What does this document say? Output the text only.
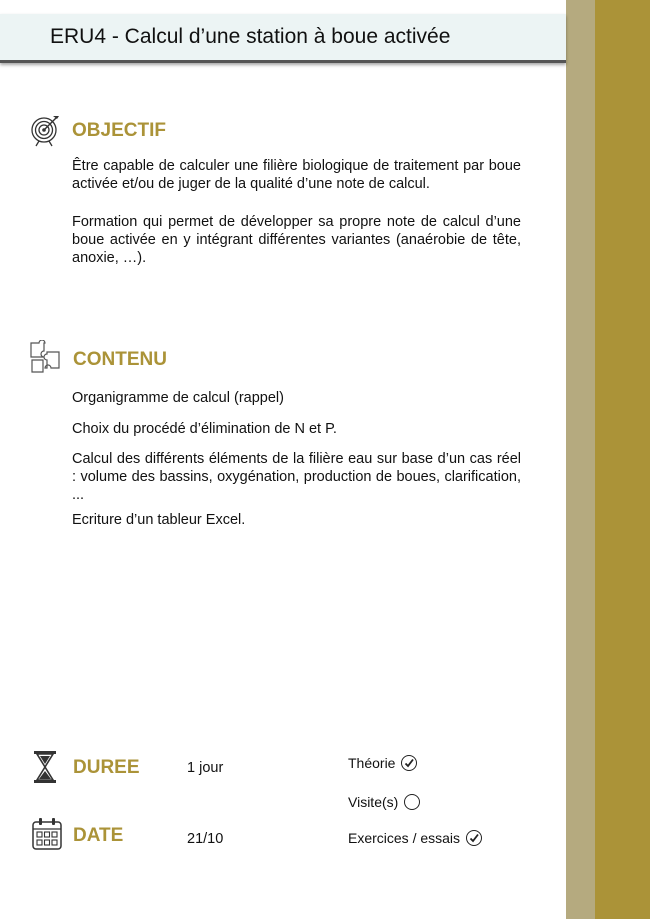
ERU4 - Calcul d’une station à boue activée
OBJECTIF
Être capable de calculer une filière biologique de traitement par boue activée et/ou de juger de la qualité d’une note de calcul.
Formation qui permet de développer sa propre note de calcul d’une boue activée en y intégrant différentes variantes (anaérobie de tête, anoxie, …).
CONTENU
Organigramme de calcul (rappel)
Choix du procédé d’élimination de N et P.
Calcul des différents éléments de la filière eau sur base d’un cas réel : volume des bassins, oxygénation, production de boues, clarification, ...
Ecriture d’un tableur Excel.
DUREE	1 jour
DATE	21/10
Théorie
Visite(s)
Exercices / essais
